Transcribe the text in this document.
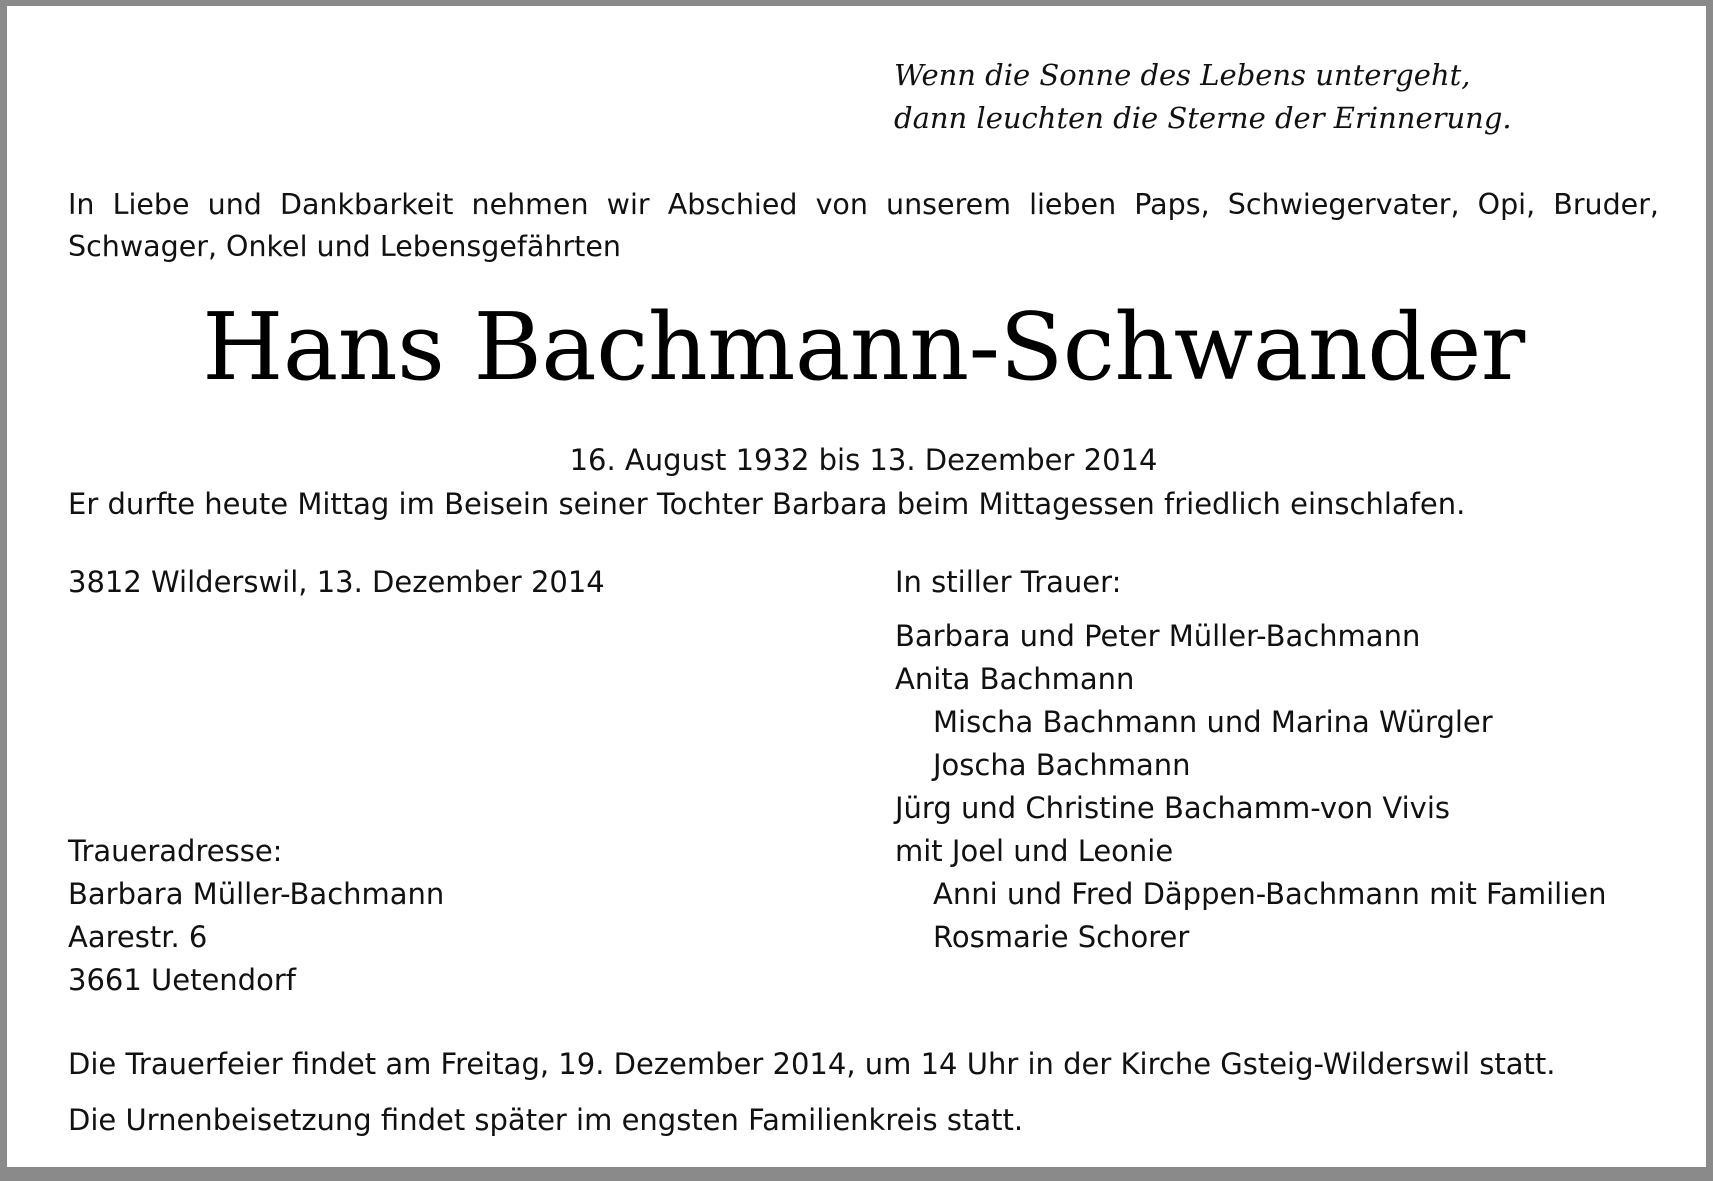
Wenn die Sonne des Lebens untergeht,
dann leuchten die Sterne der Erinnerung.
In Liebe und Dankbarkeit nehmen wir Abschied von unserem lieben Paps, Schwiegervater, Opi, Bruder, Schwager, Onkel und Lebensgefährten
Hans Bachmann-Schwander
16. August 1932 bis 13. Dezember 2014
Er durfte heute Mittag im Beisein seiner Tochter Barbara beim Mittagessen friedlich einschlafen.
3812 Wilderswil, 13. Dezember 2014	In stiller Trauer:
Barbara und Peter Müller-Bachmann
Anita Bachmann
Mischa Bachmann und Marina Würgler
Joscha Bachmann
Jürg und Christine Bachamm-von Vivis
mit Joel und Leonie
Anni und Fred Däppen-Bachmann mit Familien
Rosmarie Schorer
Traueradresse:
Barbara Müller-Bachmann
Aarestr. 6
3661 Uetendorf
Die Trauerfeier findet am Freitag, 19. Dezember 2014, um 14 Uhr in der Kirche Gsteig-Wilderswil statt.
Die Urnenbeisetzung findet später im engsten Familienkreis statt.
